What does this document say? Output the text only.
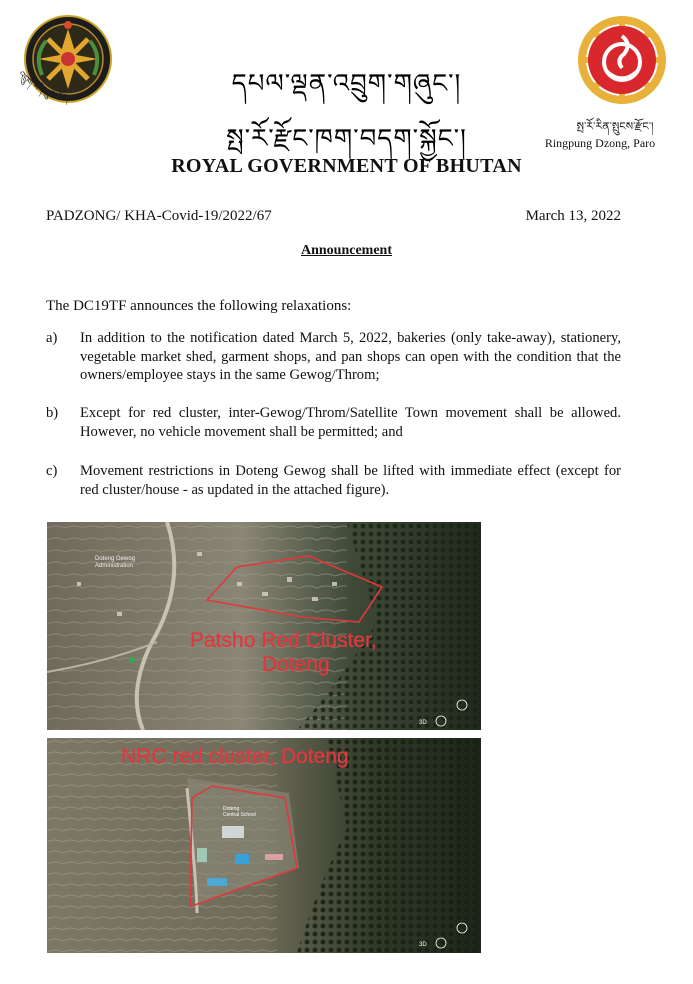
འབྲུག་བདེ་སྲུང་ཚོགས་
དཔལ་ལྡན་འབྲུག་གཞུང་།
སྤ་རོ་རྫོང་ཁག་བདག་སྐྱོང་།	སྤ་རོ་རིན་སྤུངས་རྫོང་།
Ringpung Dzong, Paro
ROYAL GOVERNMENT OF BHUTAN
PADZONG/ KHA-Covid-19/2022/67	March 13, 2022
Announcement
The DC19TF announces the following relaxations:
a) In addition to the notification dated March 5, 2022, bakeries (only take-away), stationery, vegetable market shed, garment shops, and pan shops can open with the condition that the owners/employee stays in the same Gewog/Throm;
b) Except for red cluster, inter-Gewog/Throm/Satellite Town movement shall be allowed. However, no vehicle movement shall be permitted; and
c) Movement restrictions in Doteng Gewog shall be lifted with immediate effect (except for red cluster/house - as updated in the attached figure).
Doteng Gewog
Administration
Patsho Red Cluster,
Doteng
3D
Doteng
Central School
NRC red cluster, Doteng
3D
